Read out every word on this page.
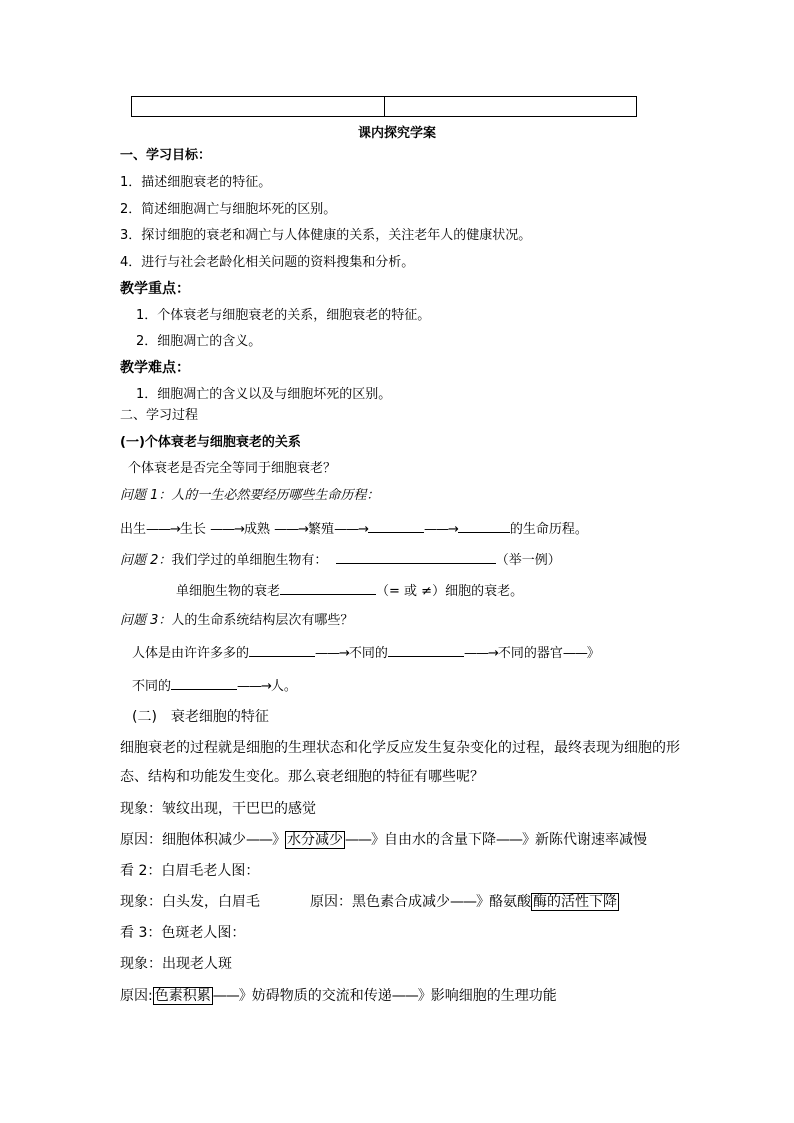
课内探究学案
一、学习目标：
1．描述细胞衰老的特征。
2．简述细胞凋亡与细胞坏死的区别。
3．探讨细胞的衰老和凋亡与人体健康的关系，关注老年人的健康状况。
4．进行与社会老龄化相关问题的资料搜集和分析。
教学重点：
1．个体衰老与细胞衰老的关系，细胞衰老的特征。
2．细胞凋亡的含义。
教学难点：
1．细胞凋亡的含义以及与细胞坏死的区别。
二、学习过程
(一)个体衰老与细胞衰老的关系
个体衰老是否完全等同于细胞衰老？
问题 1：人的一生必然要经历哪些生命历程：
出生——→生长 ——→成熟 ——→繁殖——→	——→	的生命历程。
问题 2：我们学过的单细胞生物有：	（举一例）
单细胞生物的衰老	（= 或 ≠）细胞的衰老。
问题 3：人的生命系统结构层次有哪些？
人体是由许许多多的	——→不同的	——→不同的器官——》
不同的	——→人。
(二)　衰老细胞的特征
细胞衰老的过程就是细胞的生理状态和化学反应发生复杂变化的过程，最终表现为细胞的形
态、结构和功能发生变化。那么衰老细胞的特征有哪些呢？
现象：皱纹出现，干巴巴的感觉
原因：细胞体积减少——》 水分减少 ——》自由水的含量下降——》新陈代谢速率减慢
看 2：白眉毛老人图：
现象：白头发，白眉毛	原因：黑色素合成减少——》酪氨酸 酶的活性下降
看 3：色斑老人图：
现象：出现老人斑
原因: 色素积累 ——》妨碍物质的交流和传递——》影响细胞的生理功能
